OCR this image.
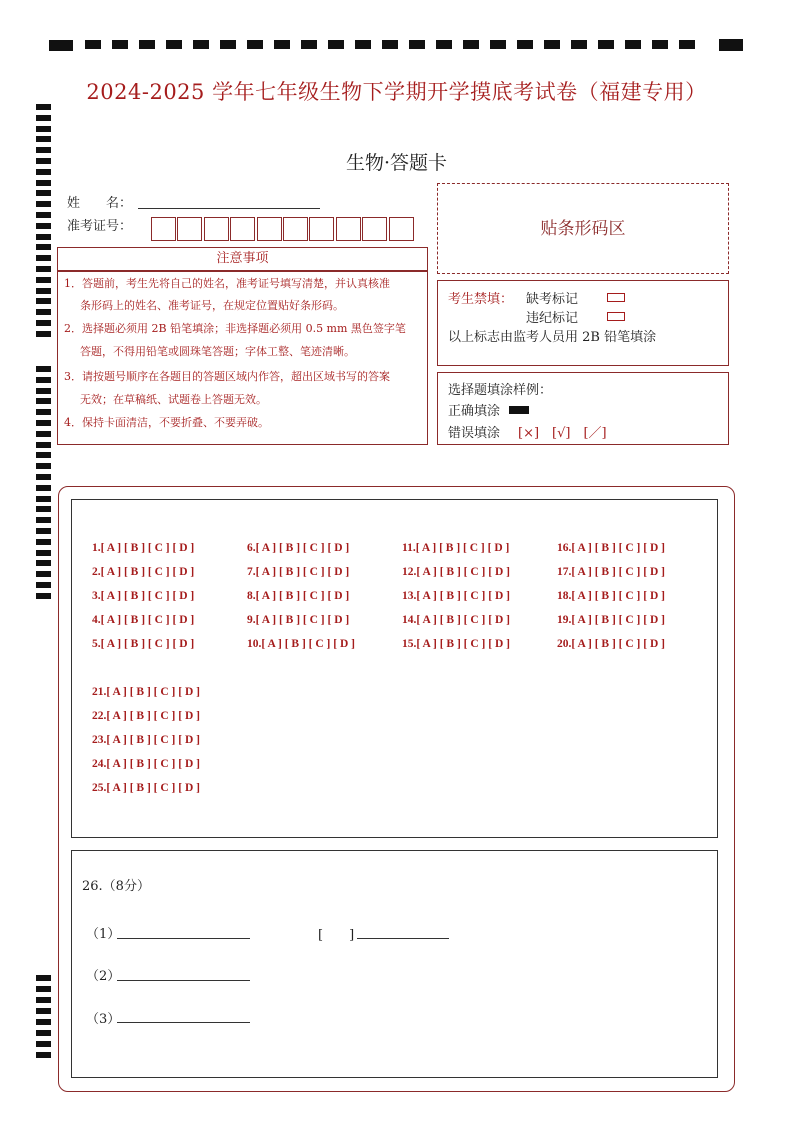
2024-2025 学年七年级生物下学期开学摸底考试卷（福建专用）
生物·答题卡
姓　　名：
准考证号：	贴条形码区
注意事项
1．答题前，考生先将自己的姓名，准考证号填写清楚，并认真核准
条形码上的姓名、准考证号，在规定位置贴好条形码。
2．选择题必须用 2B 铅笔填涂；非选择题必须用 0.5 mm 黑色签字笔
答题，不得用铅笔或圆珠笔答题；字体工整、笔迹清晰。
3．请按题号顺序在各题目的答题区域内作答，超出区域书写的答案
无效；在草稿纸、试题卷上答题无效。
4．保持卡面清洁，不要折叠、不要弄破。
考生禁填： 缺考标记
违纪标记
以上标志由监考人员用 2B 铅笔填涂
选择题填涂样例：
正确填涂
错误填涂 [×]　[√]　[／]
1.[ A ] [ B ] [ C ] [ D ]
2.[ A ] [ B ] [ C ] [ D ]
3.[ A ] [ B ] [ C ] [ D ]
4.[ A ] [ B ] [ C ] [ D ]
5.[ A ] [ B ] [ C ] [ D ]
6.[ A ] [ B ] [ C ] [ D ]
7.[ A ] [ B ] [ C ] [ D ]
8.[ A ] [ B ] [ C ] [ D ]
9.[ A ] [ B ] [ C ] [ D ]
10.[ A ] [ B ] [ C ] [ D ]
11.[ A ] [ B ] [ C ] [ D ]
12.[ A ] [ B ] [ C ] [ D ]
13.[ A ] [ B ] [ C ] [ D ]
14.[ A ] [ B ] [ C ] [ D ]
15.[ A ] [ B ] [ C ] [ D ]
16.[ A ] [ B ] [ C ] [ D ]
17.[ A ] [ B ] [ C ] [ D ]
18.[ A ] [ B ] [ C ] [ D ]
19.[ A ] [ B ] [ C ] [ D ]
20.[ A ] [ B ] [ C ] [ D ]
21.[ A ] [ B ] [ C ] [ D ]
22.[ A ] [ B ] [ C ] [ D ]
23.[ A ] [ B ] [ C ] [ D ]
24.[ A ] [ B ] [ C ] [ D ]
25.[ A ] [ B ] [ C ] [ D ]
26.（8分）
（1）	[　　]
（2）
（3）
